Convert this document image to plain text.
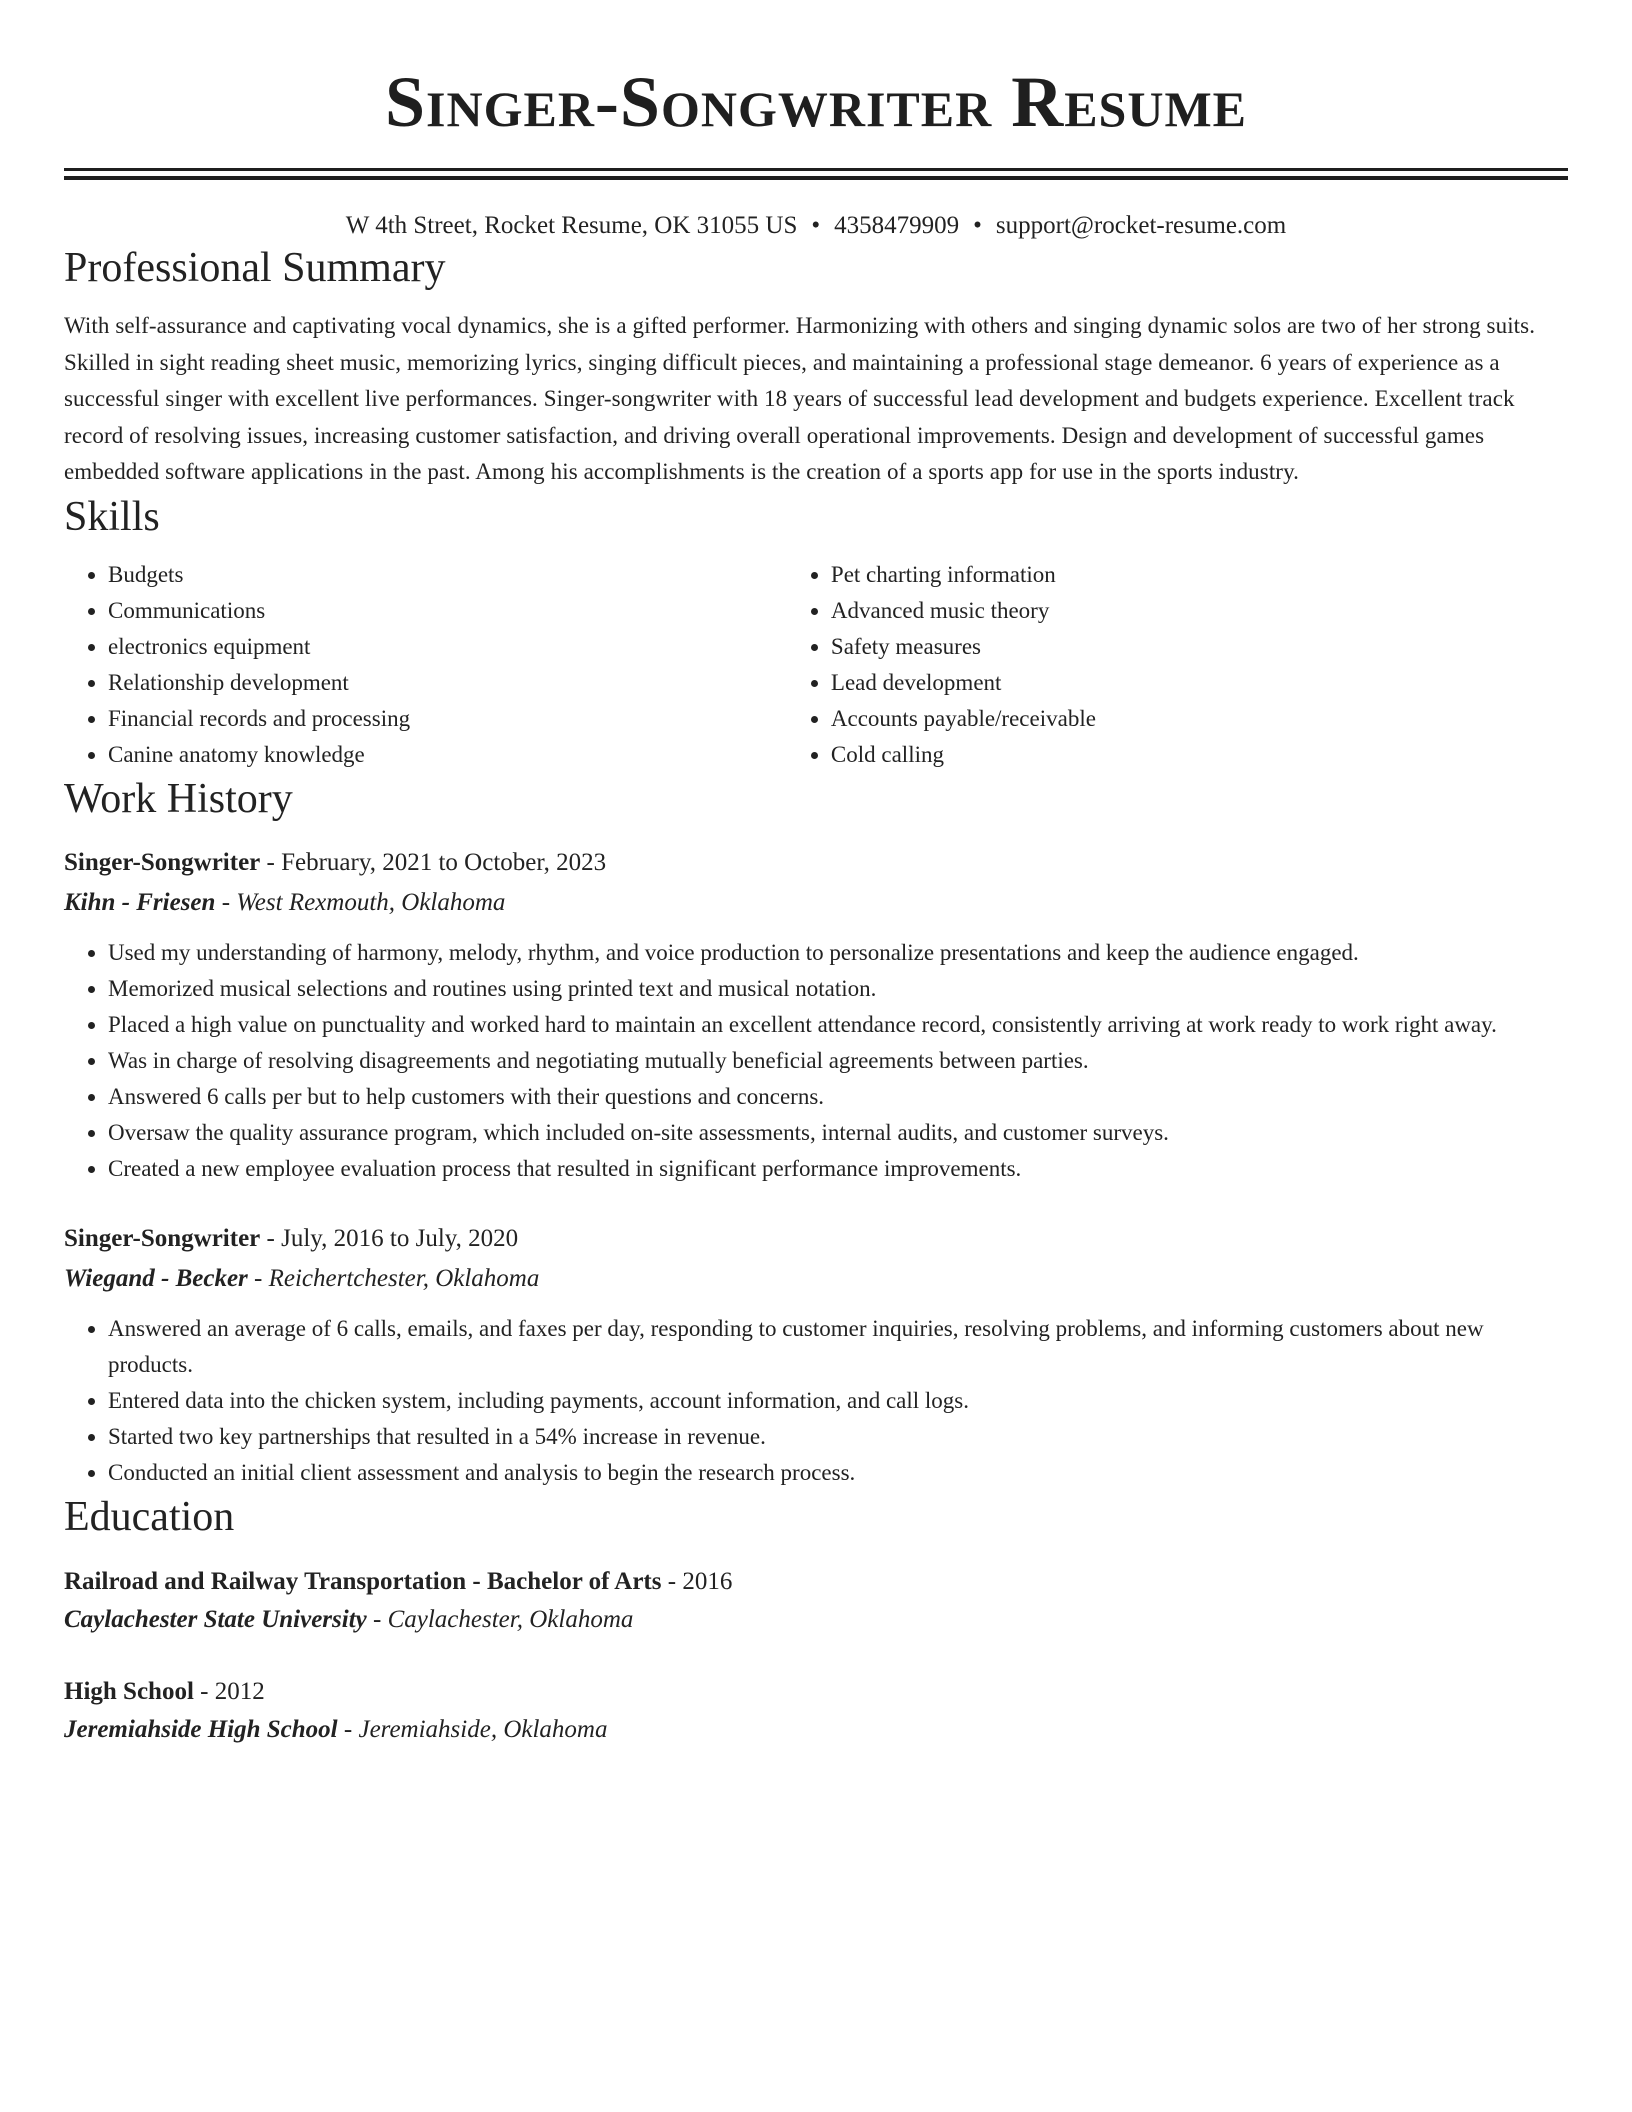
Singer-Songwriter Resume
W 4th Street, Rocket Resume, OK 31055 US • 4358479909 • support@rocket-resume.com
Professional Summary

With self-assurance and captivating vocal dynamics, she is a gifted performer. Harmonizing with others and singing dynamic solos are two of her strong suits. Skilled in sight reading sheet music, memorizing lyrics, singing difficult pieces, and maintaining a professional stage demeanor. 6 years of experience as a successful singer with excellent live performances. Singer-songwriter with 18 years of successful lead development and budgets experience. Excellent track record of resolving issues, increasing customer satisfaction, and driving overall operational improvements. Design and development of successful games embedded software applications in the past. Among his accomplishments is the creation of a sports app for use in the sports industry.

Skills
• Budgets
• Communications
• electronics equipment
• Relationship development
• Financial records and processing
• Canine anatomy knowledge
• Pet charting information
• Advanced music theory
• Safety measures
• Lead development
• Accounts payable/receivable
• Cold calling
Work History
Singer-Songwriter - February, 2021 to October, 2023
Kihn - Friesen - West Rexmouth, Oklahoma
• Used my understanding of harmony, melody, rhythm, and voice production to personalize presentations and keep the audience engaged.
• Memorized musical selections and routines using printed text and musical notation.
• Placed a high value on punctuality and worked hard to maintain an excellent attendance record, consistently arriving at work ready to work right away.
• Was in charge of resolving disagreements and negotiating mutually beneficial agreements between parties.
• Answered 6 calls per but to help customers with their questions and concerns.
• Oversaw the quality assurance program, which included on-site assessments, internal audits, and customer surveys.
• Created a new employee evaluation process that resulted in significant performance improvements.
Singer-Songwriter - July, 2016 to July, 2020
Wiegand - Becker - Reichertchester, Oklahoma
• Answered an average of 6 calls, emails, and faxes per day, responding to customer inquiries, resolving problems, and informing customers about new products.
• Entered data into the chicken system, including payments, account information, and call logs.
• Started two key partnerships that resulted in a 54% increase in revenue.
• Conducted an initial client assessment and analysis to begin the research process.
Education
Railroad and Railway Transportation - Bachelor of Arts - 2016
Caylachester State University - Caylachester, Oklahoma
High School - 2012
Jeremiahside High School - Jeremiahside, Oklahoma
